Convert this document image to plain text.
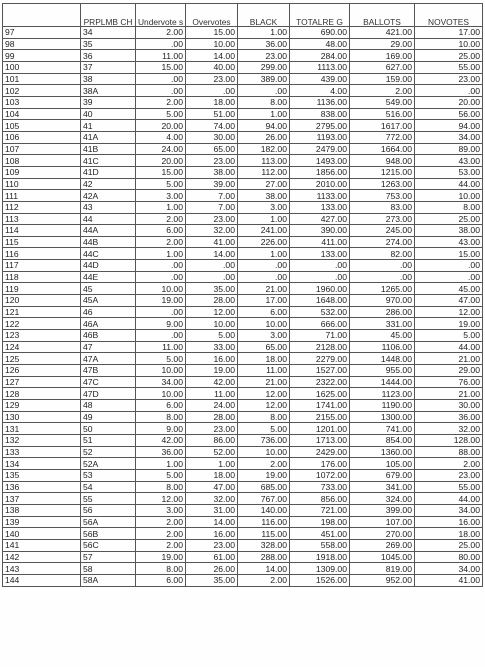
	PRPLMB CH	Undervote s	Overvotes	BLACK	TOTALRE G	BALLOTS	NOVOTES
97	34	2.00	15.00	1.00	690.00	421.00	17.00
98	35	.00	10.00	36.00	48.00	29.00	10.00
99	36	11.00	14.00	23.00	284.00	169.00	25.00
100	37	15.00	40.00	299.00	1113.00	627.00	55.00
101	38	.00	23.00	389.00	439.00	159.00	23.00
102	38A	.00	.00	.00	4.00	2.00	.00
103	39	2.00	18.00	8.00	1136.00	549.00	20.00
104	40	5.00	51.00	1.00	838.00	516.00	56.00
105	41	20.00	74.00	94.00	2795.00	1617.00	94.00
106	41A	4.00	30.00	26.00	1193.00	772.00	34.00
107	41B	24.00	65.00	182.00	2479.00	1664.00	89.00
108	41C	20.00	23.00	113.00	1493.00	948.00	43.00
109	41D	15.00	38.00	112.00	1856.00	1215.00	53.00
110	42	5.00	39.00	27.00	2010.00	1263.00	44.00
111	42A	3.00	7.00	38.00	1133.00	753.00	10.00
112	43	1.00	7.00	3.00	133.00	83.00	8.00
113	44	2.00	23.00	1.00	427.00	273.00	25.00
114	44A	6.00	32.00	241.00	390.00	245.00	38.00
115	44B	2.00	41.00	226.00	411.00	274.00	43.00
116	44C	1.00	14.00	1.00	133.00	82.00	15.00
117	44D	.00	.00	.00	.00	.00	.00
118	44E	.00	.00	.00	.00	.00	.00
119	45	10.00	35.00	21.00	1960.00	1265.00	45.00
120	45A	19.00	28.00	17.00	1648.00	970.00	47.00
121	46	.00	12.00	6.00	532.00	286.00	12.00
122	46A	9.00	10.00	10.00	666.00	331.00	19.00
123	46B	.00	5.00	3.00	71.00	45.00	5.00
124	47	11.00	33.00	65.00	2128.00	1106.00	44.00
125	47A	5.00	16.00	18.00	2279.00	1448.00	21.00
126	47B	10.00	19.00	11.00	1527.00	955.00	29.00
127	47C	34.00	42.00	21.00	2322.00	1444.00	76.00
128	47D	10.00	11.00	12.00	1625.00	1123.00	21.00
129	48	6.00	24.00	12.00	1741.00	1190.00	30.00
130	49	8.00	28.00	8.00	2155.00	1300.00	36.00
131	50	9.00	23.00	5.00	1201.00	741.00	32.00
132	51	42.00	86.00	736.00	1713.00	854.00	128.00
133	52	36.00	52.00	10.00	2429.00	1360.00	88.00
134	52A	1.00	1.00	2.00	176.00	105.00	2.00
135	53	5.00	18.00	19.00	1072.00	679.00	23.00
136	54	8.00	47.00	685.00	733.00	341.00	55.00
137	55	12.00	32.00	767.00	856.00	324.00	44.00
138	56	3.00	31.00	140.00	721.00	399.00	34.00
139	56A	2.00	14.00	116.00	198.00	107.00	16.00
140	56B	2.00	16.00	115.00	451.00	270.00	18.00
141	56C	2.00	23.00	328.00	558.00	269.00	25.00
142	57	19.00	61.00	288.00	1918.00	1045.00	80.00
143	58	8.00	26.00	14.00	1309.00	819.00	34.00
144	58A	6.00	35.00	2.00	1526.00	952.00	41.00
